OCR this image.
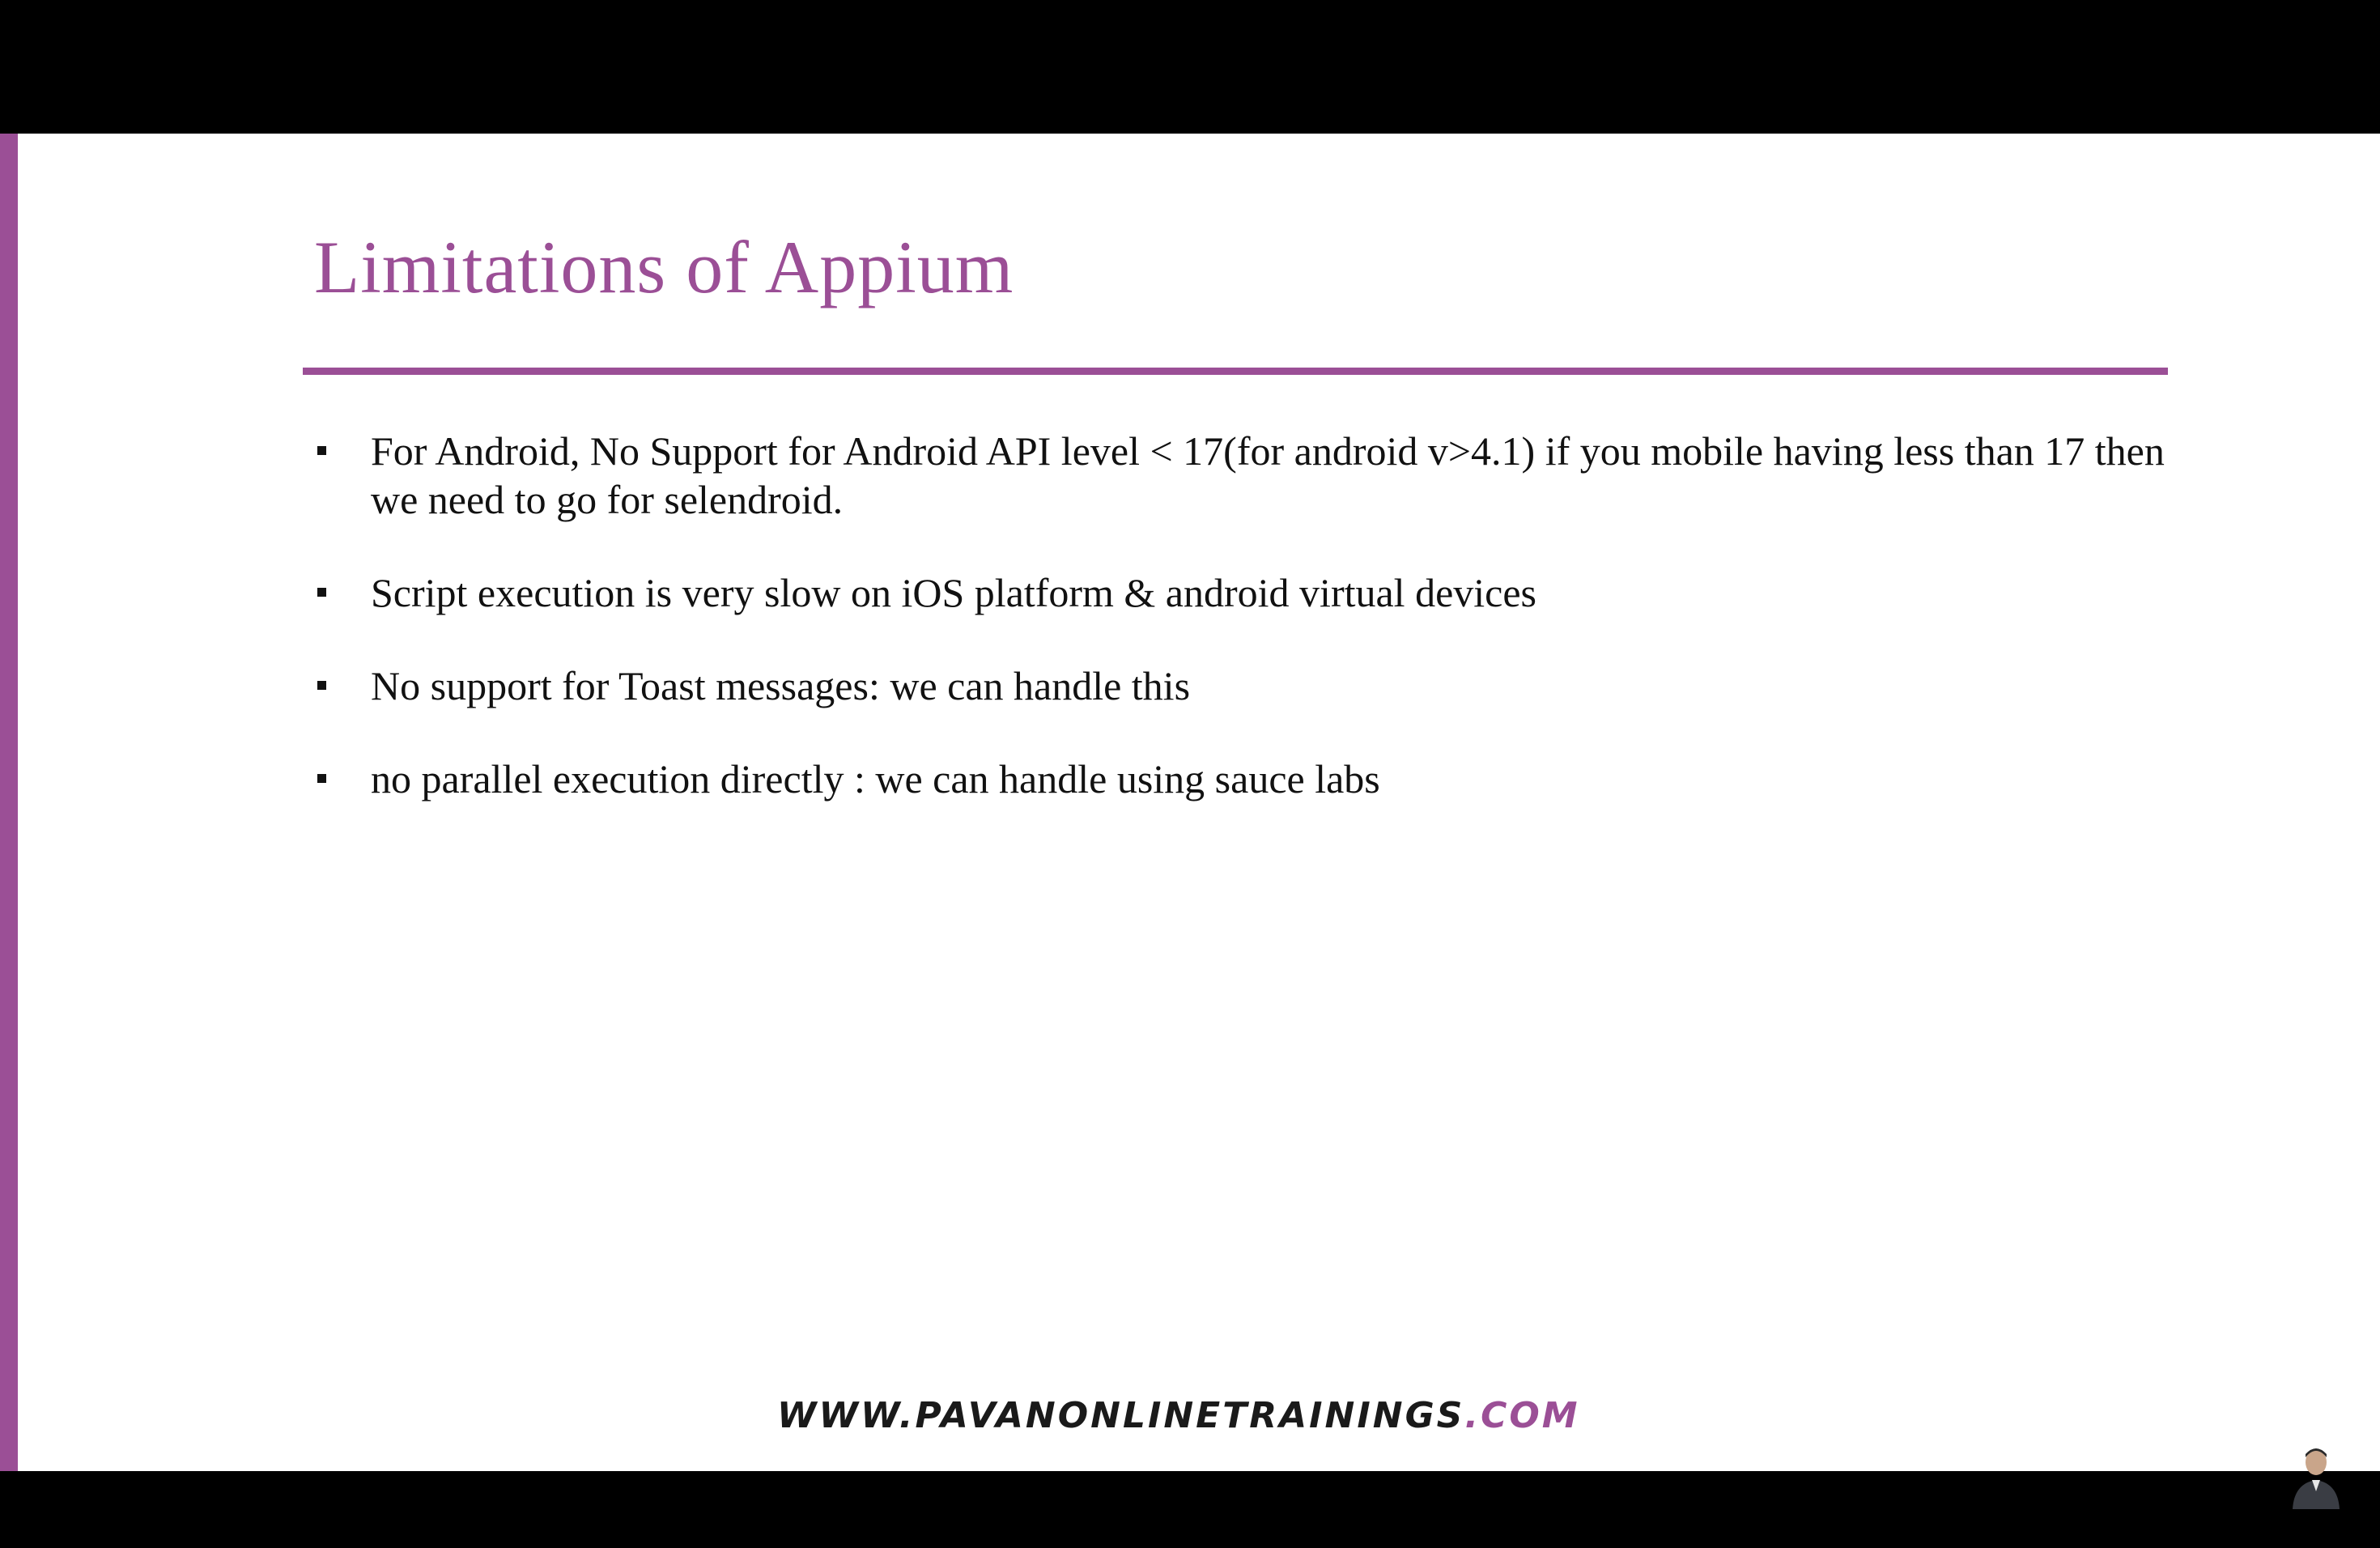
Limitations of Appium
For Android, No Support for Android API level < 17(for android v>4.1) if you mobile having less than 17 then we need to go for selendroid.
Script execution is very slow on iOS platform & android virtual devices
No support for Toast messages: we can handle this
no parallel execution directly : we can handle using sauce labs
WWW.PAVANONLINETRAININGS.COM
